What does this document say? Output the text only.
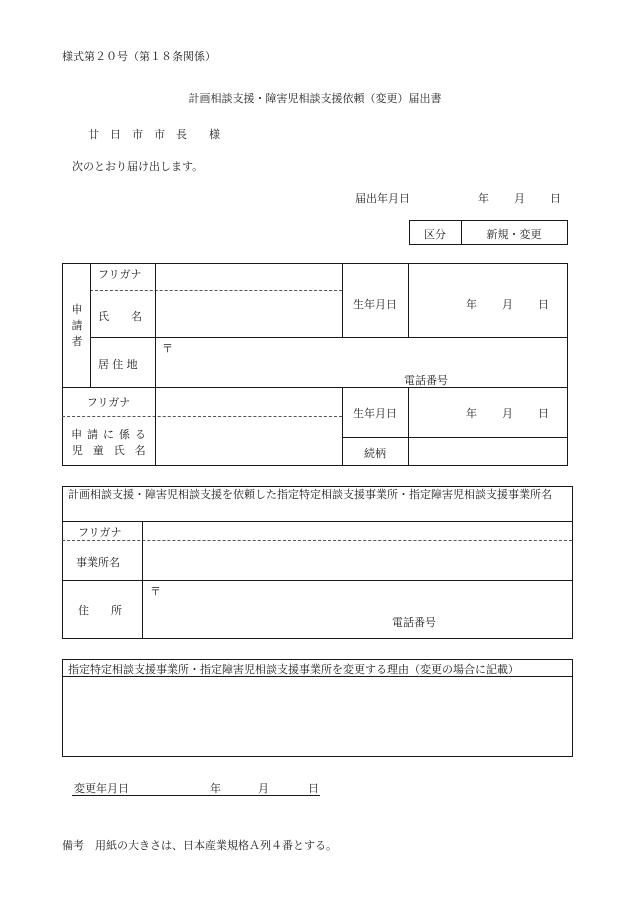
様式第２０号（第１８条関係）
計画相談支援・障害児相談支援依頼（変更）届出書
廿　日　市　市　長　　様
次のとおり届け出します。
届出年月日	年 月 日
区分	新規・変更
申請者
フリガナ
氏　　名
生年月日	年 月 日
居住地
〒
電話番号
フリガナ
申請に係る
児童氏名
生年月日	年 月 日
続柄
計画相談支援・障害児相談支援を依頼した指定特定相談支援事業所・指定障害児相談支援事業所名
フリガナ
事業所名
住　　所
〒
電話番号
指定特定相談支援事業所・指定障害児相談支援事業所を変更する理由（変更の場合に記載）
変更年月日	年	月	日
備考　用紙の大きさは、日本産業規格Ａ列４番とする。
